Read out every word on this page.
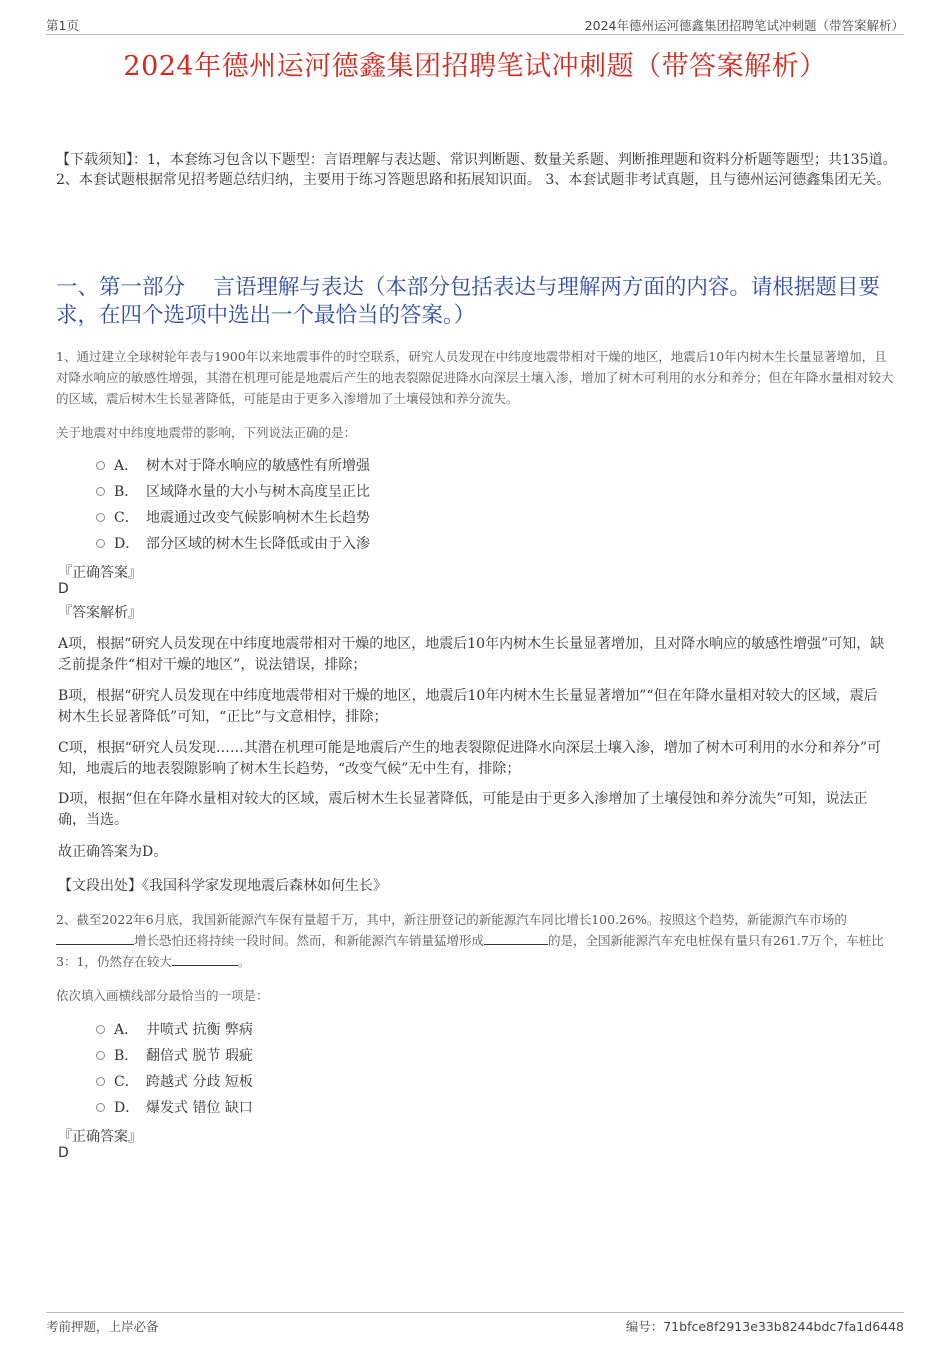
第1页	2024年德州运河德鑫集团招聘笔试冲刺题（带答案解析）
2024年德州运河德鑫集团招聘笔试冲刺题（带答案解析）
【下载须知】：1，本套练习包含以下题型：言语理解与表达题、常识判断题、数量关系题、判断推理题和资料分析题等题型；共135道。 2、本套试题根据常见招考题总结归纳，主要用于练习答题思路和拓展知识面。 3、本套试题非考试真题，且与德州运河德鑫集团无关。
一、第一部分　 言语理解与表达（本部分包括表达与理解两方面的内容。请根据题目要求，在四个选项中选出一个最恰当的答案。）
1、通过建立全球树轮年表与1900年以来地震事件的时空联系，研究人员发现在中纬度地震带相对干燥的地区，地震后10年内树木生长量显著增加，且对降水响应的敏感性增强，其潜在机理可能是地震后产生的地表裂隙促进降水向深层土壤入渗，增加了树木可利用的水分和养分；但在年降水量相对较大的区域，震后树木生长显著降低，可能是由于更多入渗增加了土壤侵蚀和养分流失。
关于地震对中纬度地震带的影响，下列说法正确的是：
A． 树木对于降水响应的敏感性有所增强
B． 区域降水量的大小与树木高度呈正比
C． 地震通过改变气候影响树木生长趋势
D． 部分区域的树木生长降低或由于入渗
『正确答案』
D
『答案解析』
A项，根据“研究人员发现在中纬度地震带相对干燥的地区，地震后10年内树木生长量显著增加，且对降水响应的敏感性增强”可知，缺乏前提条件“相对干燥的地区”，说法错误，排除；
B项，根据“研究人员发现在中纬度地震带相对干燥的地区，地震后10年内树木生长量显著增加”“但在年降水量相对较大的区域，震后树木生长显著降低”可知，“正比”与文意相悖，排除；
C项，根据“研究人员发现……其潜在机理可能是地震后产生的地表裂隙促进降水向深层土壤入渗，增加了树木可利用的水分和养分”可知，地震后的地表裂隙影响了树木生长趋势，“改变气候”无中生有，排除；
D项，根据“但在年降水量相对较大的区域，震后树木生长显著降低，可能是由于更多入渗增加了土壤侵蚀和养分流失”可知，说法正确，当选。
故正确答案为D。
【文段出处】《我国科学家发现地震后森林如何生长》
2、截至2022年6月底，我国新能源汽车保有量超千万，其中，新注册登记的新能源汽车同比增长100.26%。按照这个趋势，新能源汽车市场的增长恐怕还将持续一段时间。然而，和新能源汽车销量猛增形成	的是，全国新能源汽车充电桩保有量只有261.7万个，车桩比3：1，仍然存在较大	。
依次填入画横线部分最恰当的一项是：
A． 井喷式 抗衡 弊病
B． 翻倍式 脱节 瑕疵
C． 跨越式 分歧 短板
D． 爆发式 错位 缺口
『正确答案』
D
考前押题，上岸必备	编号：71bfce8f2913e33b8244bdc7fa1d6448
